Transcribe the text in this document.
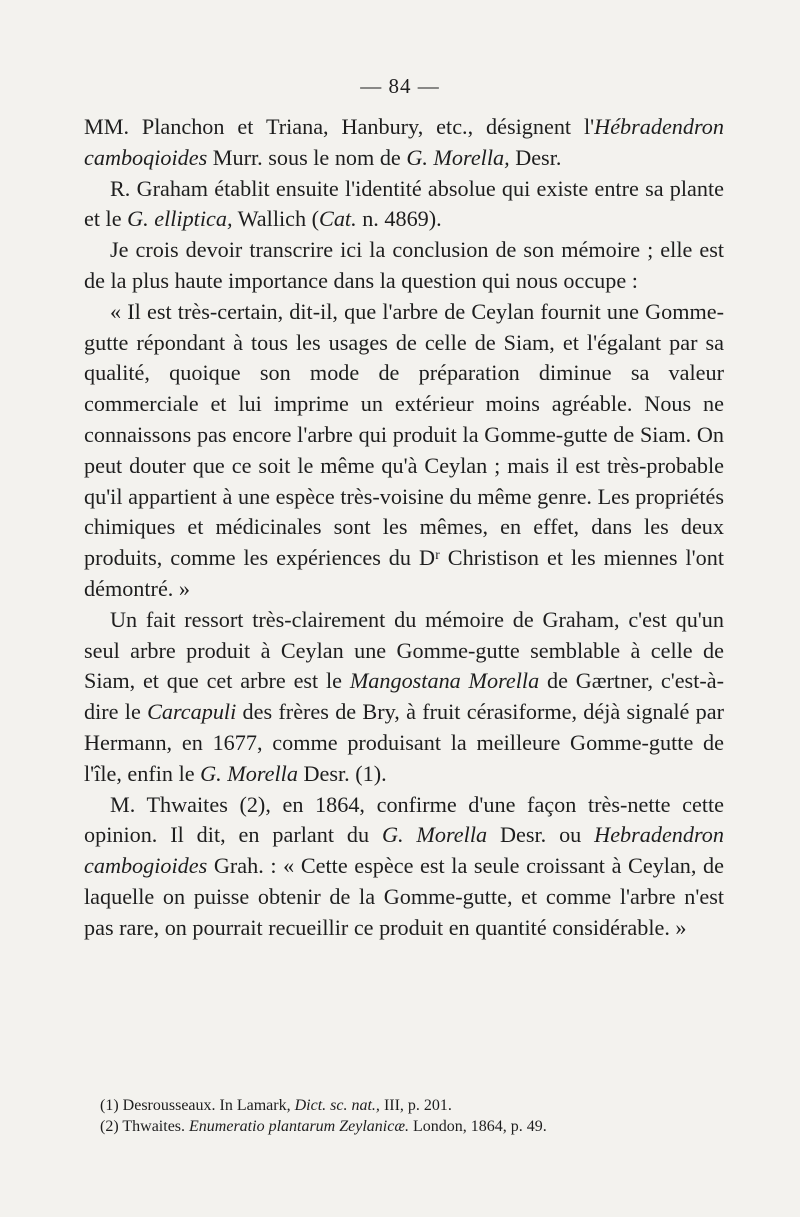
— 84 —

MM. Planchon et Triana, Hanbury, etc., désignent l'Hébradendron camboqioides Murr. sous le nom de G. Morella, Desr.

R. Graham établit ensuite l'identité absolue qui existe entre sa plante et le G. elliptica, Wallich (Cat. n. 4869).

Je crois devoir transcrire ici la conclusion de son mémoire ; elle est de la plus haute importance dans la question qui nous occupe :

« Il est très-certain, dit-il, que l'arbre de Ceylan fournit une Gomme-gutte répondant à tous les usages de celle de Siam, et l'égalant par sa qualité, quoique son mode de préparation diminue sa valeur commerciale et lui imprime un extérieur moins agréable. Nous ne connaissons pas encore l'arbre qui produit la Gomme-gutte de Siam. On peut douter que ce soit le même qu'à Ceylan ; mais il est très-probable qu'il appartient à une espèce très-voisine du même genre. Les propriétés chimiques et médicinales sont les mêmes, en effet, dans les deux produits, comme les expériences du Dʳ Christison et les miennes l'ont démontré. »

Un fait ressort très-clairement du mémoire de Graham, c'est qu'un seul arbre produit à Ceylan une Gomme-gutte semblable à celle de Siam, et que cet arbre est le Mangostana Morella de Gærtner, c'est-à-dire le Carcapuli des frères de Bry, à fruit cérasiforme, déjà signalé par Hermann, en 1677, comme produisant la meilleure Gomme-gutte de l'île, enfin le G. Morella Desr. (1).

M. Thwaites (2), en 1864, confirme d'une façon très-nette cette opinion. Il dit, en parlant du G. Morella Desr. ou Hebradendron cambogioides Grah. : « Cette espèce est la seule croissant à Ceylan, de laquelle on puisse obtenir de la Gomme-gutte, et comme l'arbre n'est pas rare, on pourrait recueillir ce produit en quantité considérable. »

(1) Desrousseaux. In Lamark, Dict. sc. nat., III, p. 201.

(2) Thwaites. Enumeratio plantarum Zeylanicæ. London, 1864, p. 49.
